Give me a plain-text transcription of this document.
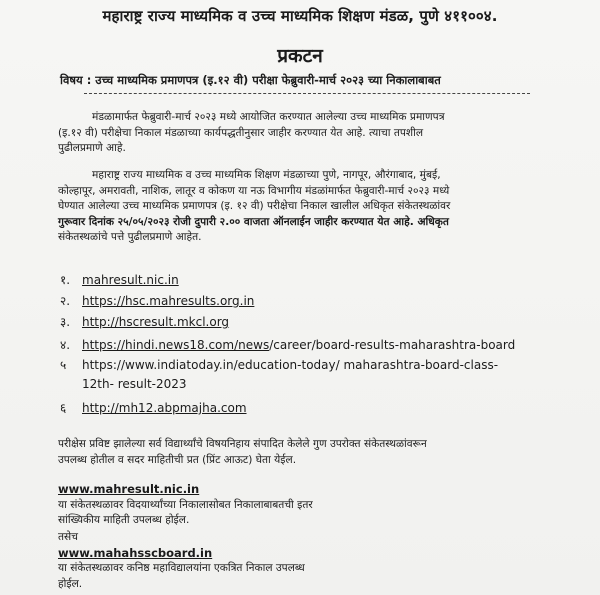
महाराष्ट्र राज्य माध्यमिक व उच्च माध्यमिक शिक्षण मंडळ, पुणे ४११००४.
प्रकटन
विषय : उच्च माध्यमिक प्रमाणपत्र (इ.१२ वी) परीक्षा फेब्रुवारी-मार्च २०२३ च्या निकालाबाबत
मंडळामार्फत फेब्रुवारी-मार्च २०२३ मध्ये आयोजित करण्यात आलेल्या उच्च माध्यमिक प्रमाणपत्र
(इ.१२ वी) परीक्षेचा निकाल मंडळाच्या कार्यपद्धतीनुसार जाहीर करण्यात येत आहे. त्याचा तपशील
पुढीलप्रमाणे आहे.
महाराष्ट्र राज्य माध्यमिक व उच्च माध्यमिक शिक्षण मंडळाच्या पुणे, नागपूर, औरंगाबाद, मुंबई,
कोल्हापूर, अमरावती, नाशिक, लातूर व कोकण या नऊ विभागीय मंडळांमार्फत फेब्रुवारी-मार्च २०२३ मध्ये
घेण्यात आलेल्या उच्च माध्यमिक प्रमाणपत्र (इ. १२ वी) परीक्षेचा निकाल खालील अधिकृत संकेतस्थळांवर
गुरूवार दिनांक २५/०५/२०२३ रोजी दुपारी २.०० वाजता ऑनलाईन जाहीर करण्यात येत आहे. अधिकृत
संकेतस्थळांचे पत्ते पुढीलप्रमाणे आहेत.
१. mahresult.nic.in
२. https://hsc.mahresults.org.in
३. http://hscresult.mkcl.org
४. https://hindi.news18.com/news/career/board-results-maharashtra-board
५ https://www.indiatoday.in/education-today/ maharashtra-board-class-
12th- result-2023
६ http://mh12.abpmajha.com
परीक्षेस प्रविष्ट झालेल्या सर्व विद्यार्थ्यांचे विषयनिहाय संपादित केलेले गुण उपरोक्त संकेतस्थळांवरून
उपलब्ध होतील व सदर माहितीची प्रत (प्रिंट आऊट) घेता येईल.
www.mahresult.nic.in
या संकेतस्थळावर विदयार्थ्यांच्या निकालासोबत निकालाबाबतची इतर
सांख्यिकीय माहिती उपलब्ध होईल.
तसेच
www.mahahsscboard.in
या संकेतस्थळावर कनिष्ठ महाविद्यालयांना एकत्रित निकाल उपलब्ध
होईल.
